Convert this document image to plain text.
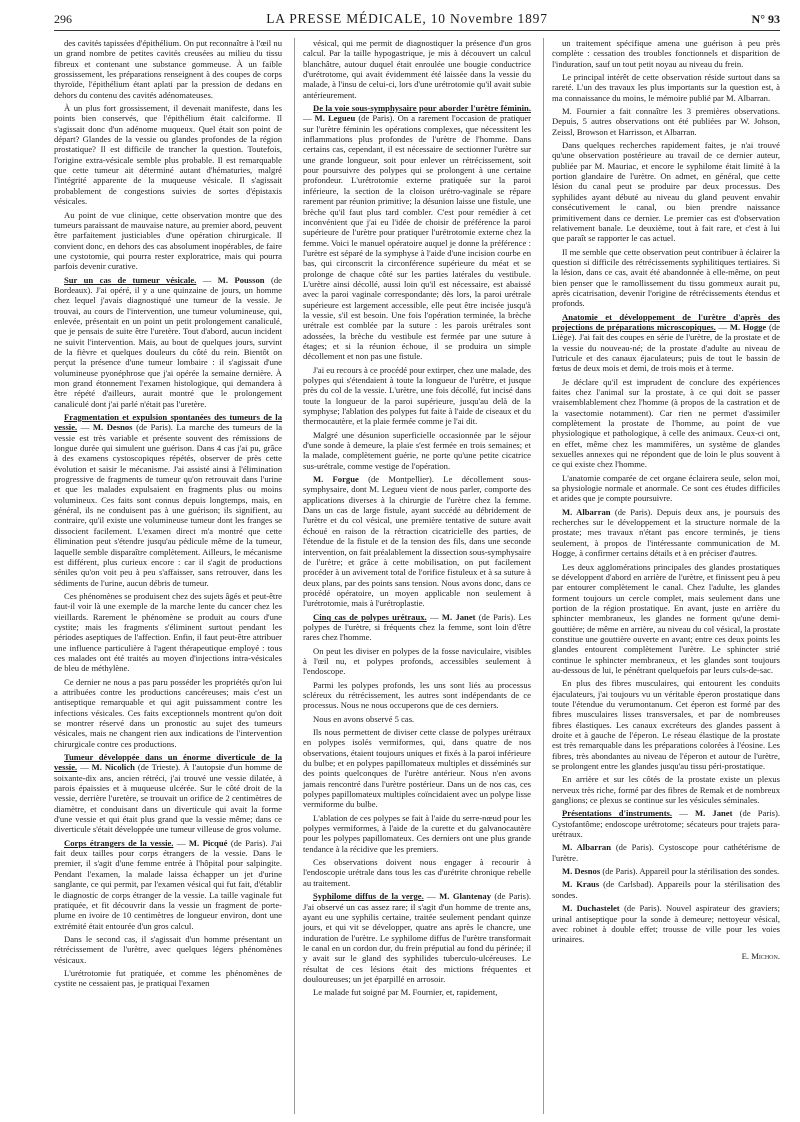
296	LA PRESSE MÉDICALE, 10 Novembre 1897	N° 93

des cavités tapissées d'épithélium. On put reconnaître à l'œil nu un grand nombre de petites cavités creusées au milieu du tissu fibreux et contenant une substance gommeuse. À un faible grossissement, les préparations renseignent à des coupes de corps thyroïde, l'épithélium étant aplati par la pression de dedans en dehors du contenu des cavités adénomateuses.

À un plus fort grossissement, il devenait manifeste, dans les points bien conservés, que l'épithélium était calciforme. Il s'agissait donc d'un adénome muqueux. Quel était son point de départ? Glandes de la vessie ou glandes profondes de la région prostatique? Il est difficile de trancher la question. Toutefois, l'origine extra-vésicale semble plus probable. Il est remarquable que cette tumeur ait déterminé autant d'hématuries, malgré l'intégrité apparente de la muqueuse vésicale. Il s'agissait probablement de congestions suivies de sortes d'épistaxis vésicales.

Au point de vue clinique, cette observation montre que des tumeurs paraissant de mauvaise nature, au premier abord, peuvent être parfaitement justiciables d'une opération chirurgicale. Il convient donc, en dehors des cas absolument inopérables, de faire une cystotomie, qui pourra rester exploratrice, mais qui pourra parfois devenir curative.

Sur un cas de tumeur vésicale. — M. Pousson (de Bordeaux). J'ai opéré, il y a une quinzaine de jours, un homme chez lequel j'avais diagnostiqué une tumeur de la vessie. Je trouvai, au cours de l'intervention, une tumeur volumineuse, qui, enlevée, présentait en un point un petit prolongement canaliculé, que je pensais de suite être l'uretère. Tout d'abord, aucun incident ne suivit l'intervention. Mais, au bout de quelques jours, survint de la fièvre et quelques douleurs du côté du rein. Bientôt on perçut la présence d'une tumeur lombaire : il s'agissait d'une volumineuse pyonéphrose que j'ai opérée la semaine dernière. À mon grand étonnement l'examen histologique, qui demandera à être répété d'ailleurs, aurait montré que le prolongement canaliculé dont j'ai parlé n'était pas l'uretère.
Fragmentation et expulsion spontanées des tumeurs de la vessie. — M. Desnos (de Paris). La marche des tumeurs de la vessie est très variable et présente souvent des rémissions de longue durée qui simulent une guérison. Dans 4 cas j'ai pu, grâce à des examens cystoscopiques répétés, observer de près cette évolution et saisir le mécanisme. J'ai assisté ainsi à l'élimination progressive de fragments de tumeur qu'on retrouvait dans l'urine et que les malades expulsaient en fragments plus ou moins volumineux. Ces faits sont connus depuis longtemps, mais, en général, ils ne conduisent pas à une guérison; ils signifient, au contraire, qu'il existe une volumineuse tumeur dont les franges se dissocient facilement. L'examen direct m'a montré que cette élimination peut s'étendre jusqu'au pédicule même de la tumeur, laquelle semble disparaître complètement. Ailleurs, le mécanisme est différent, plus curieux encore : car il s'agit de productions séniles qu'on voit peu à peu s'affaisser, sans retrouver, dans les sédiments de l'urine, aucun débris de tumeur.

Ces phénomènes se produisent chez des sujets âgés et peut-être faut-il voir là une exemple de la marche lente du cancer chez les vieillards. Rarement le phénomène se produit au cours d'une cystite; mais les fragments s'éliminent surtout pendant les périodes aseptiques de l'affection. Enfin, il faut peut-être attribuer une influence particulière à l'agent thérapeutique employé : tous ces malades ont été traités au moyen d'injections intra-vésicales de bleu de méthylène.

Ce dernier ne nous a pas paru posséder les propriétés qu'on lui a attribuées contre les productions cancéreuses; mais c'est un antiseptique remarquable et qui agit puissamment contre les infections vésicales. Ces faits exceptionnels montrent qu'on doit se montrer réservé dans un pronostic au sujet des tumeurs vésicales, mais ne changent rien aux indications de l'intervention chirurgicale contre ces productions.

Tumeur développée dans un énorme diverticule de la vessie. — M. Nicolich (de Trieste). À l'autopsie d'un homme de soixante-dix ans, ancien rétréci, j'ai trouvé une vessie dilatée, à parois épaissies et à muqueuse ulcérée. Sur le côté droit de la vessie, derrière l'uretère, se trouvait un orifice de 2 centimètres de diamètre, et conduisant dans un diverticule qui avait la forme d'une vessie et qui était plus grand que la vessie même; dans ce diverticule s'était développée une tumeur villeuse de gros volume.
Corps étrangers de la vessie. — M. Picqué (de Paris). J'ai fait deux tailles pour corps étrangers de la vessie. Dans le premier, il s'agit d'une femme entrée à l'hôpital pour salpingite. Pendant l'examen, la malade laissa échapper un jet d'urine sanglante, ce qui permit, par l'examen vésical qui fut fait, d'établir le diagnostic de corps étranger de la vessie. La taille vaginale fut pratiquée, et fit découvrir dans la vessie un fragment de porte-plume en ivoire de 10 centimètres de longueur environ, dont une extrémité était entourée d'un gros calcul.

Dans le second cas, il s'agissait d'un homme présentant un rétrécissement de l'urètre, avec quelques légers phénomènes vésicaux.

L'urétrotomie fut pratiquée, et comme les phénomènes de cystite ne cessaient pas, je pratiquai l'examen

vésical, qui me permit de diagnostiquer la présence d'un gros calcul. Par la taille hypogastrique, je mis à découvert un calcul blanchâtre, autour duquel était enroulée une bougie conductrice d'urétrotome, qui avait évidemment été laissée dans la vessie du malade, à l'insu de celui-ci, lors d'une urétrotomie qu'il avait subie antérieurement.

De la voie sous-symphysaire pour aborder l'urètre féminin. — M. Legueu (de Paris). On a rarement l'occasion de pratiquer sur l'urètre féminin les opérations complexes, que nécessitent les inflammations plus profondes de l'urètre de l'homme. Dans certains cas, cependant, il est nécessaire de sectionner l'urètre sur une grande longueur, soit pour enlever un rétrécissement, soit pour poursuivre des polypes qui se prolongent à une certaine profondeur. L'urétrotomie externe pratiquée sur la paroi inférieure, la section de la cloison urétro-vaginale se répare rarement par réunion primitive; la désunion laisse une fistule, une brèche qu'il faut plus tard combler. C'est pour remédier à cet inconvénient que j'ai eu l'idée de choisir de préférence la paroi supérieure de l'urètre pour pratiquer l'urétrotomie externe chez la femme. Voici le manuel opératoire auquel je donne la préférence : l'urètre est séparé de la symphyse à l'aide d'une incision courbe en bas, qui circonscrit la circonférence supérieure du méat et se prolonge de chaque côté sur les parties latérales du vestibule. L'urètre ainsi décollé, aussi loin qu'il est nécessaire, est abaissé avec la paroi vaginale correspondante; dès lors, la paroi urétrale supérieure est largement accessible, elle peut être incisée jusqu'à la vessie, s'il est besoin. Une fois l'opération terminée, la brèche urétrale est comblée par la suture : les parois urétrales sont adossées, la brèche du vestibule est fermée par une suture à étages; et si la réunion échoue, il se produira un simple décollement et non pas une fistule.

J'ai eu recours à ce procédé pour extirper, chez une malade, des polypes qui s'étendaient à toute la longueur de l'urètre, et jusque près du col de la vessie. L'urètre, une fois décollé, fut incisé dans toute la longueur de la paroi supérieure, jusqu'au delà de la symphyse; l'ablation des polypes fut faite à l'aide de ciseaux et du thermocautère, et la plaie fermée comme je l'ai dit.

Malgré une désunion superficielle occasionnée par le séjour d'une sonde à demeure, la plaie s'est fermée en trois semaines; et la malade, complètement guérie, ne porte qu'une petite cicatrice sus-urétrale, comme vestige de l'opération.

M. Forgue (de Montpellier). Le décollement sous-symphysaire, dont M. Legueu vient de nous parler, comporte des applications diverses à la chirurgie de l'urètre chez la femme. Dans un cas de large fistule, ayant succédé au débridement de l'urètre et du col vésical, une première tentative de suture avait échoué en raison de la rétraction cicatricielle des parties, de l'étendue de la fistule et de la tension des fils, dans une seconde intervention, on fait préalablement la dissection sous-symphysaire de l'urètre; et grâce à cette mobilisation, on put facilement procéder à un avivement total de l'orifice fistuleux et à sa suture à deux plans, par des points sans tension. Nous avons donc, dans ce procédé opératoire, un moyen applicable non seulement à l'urétrotomie, mais à l'urétroplastie.
Cinq cas de polypes urétraux. — M. Janet (de Paris). Les polypes de l'urètre, si fréquents chez la femme, sont loin d'être rares chez l'homme.

On peut les diviser en polypes de la fosse naviculaire, visibles à l'œil nu, et polypes profonds, accessibles seulement à l'endoscope.

Parmi les polypes profonds, les uns sont liés au processus scléreux du rétrécissement, les autres sont indépendants de ce processus. Nous ne nous occuperons que de ces derniers.

Nous en avons observé 5 cas.

Ils nous permettent de diviser cette classe de polypes urétraux en polypes isolés vermiformes, qui, dans quatre de nos observations, étaient toujours uniques et fixés à la paroi inférieure du bulbe; et en polypes papillomateux multiples et disséminés sur des points quelconques de l'urètre antérieur. Nous n'en avons jamais rencontré dans l'urètre postérieur. Dans un de nos cas, ces polypes papillomateux multiples coïncidaient avec un polype lisse vermiforme du bulbe.

L'ablation de ces polypes se fait à l'aide du serre-nœud pour les polypes vermiformes, à l'aide de la curette et du galvanocautère pour les polypes papillomateux. Ces derniers ont une plus grande tendance à la récidive que les premiers.

Ces observations doivent nous engager à recourir à l'endoscopie urétrale dans tous les cas d'urétrite chronique rebelle au traitement.

Syphilome diffus de la verge. — M. Glantenay (de Paris). J'ai observé un cas assez rare; il s'agit d'un homme de trente ans, ayant eu une syphilis certaine, traitée seulement pendant quinze jours, et qui vit se développer, quatre ans après le chancre, une induration de l'urètre. Le syphilome diffus de l'urètre transformait le canal en un cordon dur, du frein préputial au fond du périnée; il y avait sur le gland des syphilides tuberculo-ulcéreuses. Le résultat de ces lésions était des mictions fréquentes et douloureuses; un jet éparpillé en arrosoir.

Le malade fut soigné par M. Fournier, et, rapidement,

un traitement spécifique amena une guérison à peu près complète : cessation des troubles fonctionnels et disparition de l'induration, sauf un tout petit noyau au niveau du frein.

Le principal intérêt de cette observation réside surtout dans sa rareté. L'un des travaux les plus importants sur la question est, à ma connaissance du moins, le mémoire publié par M. Albarran.

M. Fournier a fait connaître les 3 premières observations. Depuis, 5 autres observations ont été publiées par W. Johson, Zeissl, Browson et Harrisson, et Albarran.

Dans quelques recherches rapidement faites, je n'ai trouvé qu'une observation postérieure au travail de ce dernier auteur, publiée par M. Mauriac, et encore le syphilome était limité à la portion glandaire de l'urètre. On admet, en général, que cette lésion du canal peut se produire par deux processus. Des syphilides ayant débuté au niveau du gland peuvent envahir consécutivement le canal, ou bien prendre naissance primitivement dans ce dernier. Le premier cas est d'observation relativement banale. Le deuxième, tout à fait rare, et c'est à lui que paraît se rapporter le cas actuel.

Il me semble que cette observation peut contribuer à éclairer la question si difficile des rétrécissements syphilitiques tertiaires. Si la lésion, dans ce cas, avait été abandonnée à elle-même, on peut bien penser que le ramollissement du tissu gommeux aurait pu, après cicatrisation, devenir l'origine de rétrécissements étendus et profonds.

Anatomie et développement de l'urètre d'après des projections de préparations microscopiques. — M. Hogge (de Liège). J'ai fait des coupes en série de l'urètre, de la prostate et de la vessie du nouveau-né; de la prostate d'adulte au niveau de l'utricule et des canaux éjaculateurs; puis de tout le bassin de fœtus de deux mois et demi, de trois mois et à terme.

Je déclare qu'il est imprudent de conclure des expériences faites chez l'animal sur la prostate, à ce qui doit se passer vraisemblablement chez l'homme (à propos de la castration et de la vasectomie notamment). Car rien ne permet d'assimiler complètement la prostate de l'homme, au point de vue physiologique et pathologique, à celle des animaux. Ceux-ci ont, en effet, même chez les mammifères, un système de glandes sexuelles annexes qui ne répondent que de loin le plus souvent à ce qui existe chez l'homme.

L'anatomie comparée de cet organe éclairera seule, selon moi, sa physiologie normale et anormale. Ce sont ces études difficiles et arides que je compte poursuivre.

M. Albarran (de Paris). Depuis deux ans, je poursuis des recherches sur le développement et la structure normale de la prostate; mes travaux n'étant pas encore terminés, je tiens seulement, à propos de l'intéressante communication de M. Hogge, à confirmer certains détails et à en préciser d'autres.

Les deux agglomérations principales des glandes prostatiques se développent d'abord en arrière de l'urètre, et finissent peu à peu par entourer complètement le canal. Chez l'adulte, les glandes forment toujours un cercle complet, mais seulement dans une portion de la région prostatique. En avant, juste en arrière du sphincter membraneux, les glandes ne forment qu'une demi-gouttière; de même en arrière, au niveau du col vésical, la prostate constitue une gouttière ouverte en avant; entre ces deux points les glandes entourent complètement l'urètre. Le sphincter strié continue le sphincter membraneux, et les glandes sont toujours au-dessous de lui, le pénétrant quelquefois par leurs culs-de-sac.

En plus des fibres musculaires, qui entourent les conduits éjaculateurs, j'ai toujours vu un véritable éperon prostatique dans toute l'étendue du verumontanum. Cet éperon est formé par des fibres musculaires lisses transversales, et par de nombreuses fibres élastiques. Les canaux excréteurs des glandes passent à droite et à gauche de l'éperon. Le réseau élastique de la prostate est très remarquable dans les préparations colorées à l'éosine. Les fibres, très abondantes au niveau de l'éperon et autour de l'urètre, se prolongent entre les glandes jusqu'au tissu péri-prostatique.

En arrière et sur les côtés de la prostate existe un plexus nerveux très riche, formé par des fibres de Remak et de nombreux ganglions; ce plexus se continue sur les vésicules séminales.

Présentations d'instruments. — M. Janet (de Paris). Cystofantôme; endoscope urétrotome; sécateurs pour trajets para-urétraux.
M. Albarran (de Paris). Cystoscope pour cathétérisme de l'urètre.
M. Desnos (de Paris). Appareil pour la stérilisation des sondes.
M. Kraus (de Carlsbad). Appareils pour la stérilisation des sondes.
M. Duchastelet (de Paris). Nouvel aspirateur des graviers; urinal antiseptique pour la sonde à demeure; nettoyeur vésical, avec robinet à double effet; trousse de ville pour les voies urinaires.
E. Michon.
